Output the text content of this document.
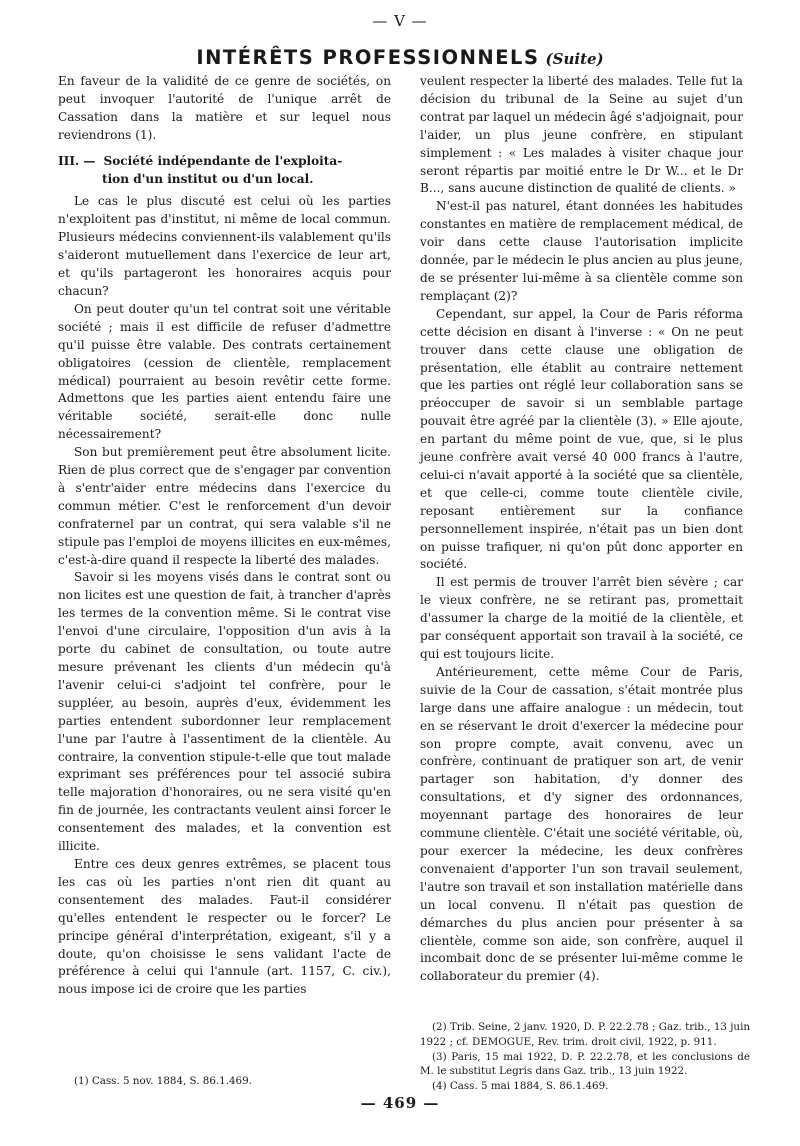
— V —
INTÉRÊTS PROFESSIONNELS (Suite)

En faveur de la validité de ce genre de sociétés, on peut invoquer l'autorité de l'unique arrêt de Cassation dans la matière et sur lequel nous reviendrons (1).

III. — Société indépendante de l'exploita-
tion d'un institut ou d'un local.

Le cas le plus discuté est celui où les parties n'exploitent pas d'institut, ni même de local commun. Plusieurs médecins conviennent-ils valablement qu'ils s'aideront mutuellement dans l'exercice de leur art, et qu'ils partageront les honoraires acquis pour chacun?

On peut douter qu'un tel contrat soit une véritable société ; mais il est difficile de refuser d'admettre qu'il puisse être valable. Des contrats certainement obligatoires (cession de clientèle, remplacement médical) pourraient au besoin revêtir cette forme. Admettons que les parties aient entendu faire une véritable société, serait-elle donc nulle nécessairement?

Son but premièrement peut être absolument licite. Rien de plus correct que de s'engager par convention à s'entr'aider entre médecins dans l'exercice du commun métier. C'est le renforcement d'un devoir confraternel par un contrat, qui sera valable s'il ne stipule pas l'emploi de moyens illicites en eux-mêmes, c'est-à-dire quand il respecte la liberté des malades.

Savoir si les moyens visés dans le contrat sont ou non licites est une question de fait, à trancher d'après les termes de la convention même. Si le contrat vise l'envoi d'une circulaire, l'opposition d'un avis à la porte du cabinet de consultation, ou toute autre mesure prévenant les clients d'un médecin qu'à l'avenir celui-ci s'adjoint tel confrère, pour le suppléer, au besoin, auprès d'eux, évidemment les parties entendent subordonner leur remplacement l'une par l'autre à l'assentiment de la clientèle. Au contraire, la convention stipule-t-elle que tout malade exprimant ses préférences pour tel associé subira telle majoration d'honoraires, ou ne sera visité qu'en fin de journée, les contractants veulent ainsi forcer le consentement des malades, et la convention est illicite.

Entre ces deux genres extrêmes, se placent tous les cas où les parties n'ont rien dit quant au consentement des malades. Faut-il considérer qu'elles entendent le respecter ou le forcer? Le principe général d'interprétation, exigeant, s'il y a doute, qu'on choisisse le sens validant l'acte de préférence à celui qui l'annule (art. 1157, C. civ.), nous impose ici de croire que les parties

veulent respecter la liberté des malades. Telle fut la décision du tribunal de la Seine au sujet d'un contrat par laquel un médecin âgé s'adjoignait, pour l'aider, un plus jeune confrère, en stipulant simplement : « Les malades à visiter chaque jour seront répartis par moitié entre le Dr W... et le Dr B..., sans aucune distinction de qualité de clients. »

N'est-il pas naturel, étant données les habitudes constantes en matière de remplacement médical, de voir dans cette clause l'autorisation implicite donnée, par le médecin le plus ancien au plus jeune, de se présenter lui-même à sa clientèle comme son remplaçant (2)?

Cependant, sur appel, la Cour de Paris réforma cette décision en disant à l'inverse : « On ne peut trouver dans cette clause une obligation de présentation, elle établit au contraire nettement que les parties ont réglé leur collaboration sans se préoccuper de savoir si un semblable partage pouvait être agréé par la clientèle (3). » Elle ajoute, en partant du même point de vue, que, si le plus jeune confrère avait versé 40 000 francs à l'autre, celui-ci n'avait apporté à la société que sa clientèle, et que celle-ci, comme toute clientèle civile, reposant entièrement sur la confiance personnellement inspirée, n'était pas un bien dont on puisse trafiquer, ni qu'on pût donc apporter en société.

Il est permis de trouver l'arrêt bien sévère ; car le vieux confrère, ne se retirant pas, promettait d'assumer la charge de la moitié de la clientèle, et par conséquent apportait son travail à la société, ce qui est toujours licite.

Antérieurement, cette même Cour de Paris, suivie de la Cour de cassation, s'était montrée plus large dans une affaire analogue : un médecin, tout en se réservant le droit d'exercer la médecine pour son propre compte, avait convenu, avec un confrère, continuant de pratiquer son art, de venir partager son habitation, d'y donner des consultations, et d'y signer des ordonnances, moyennant partage des honoraires de leur commune clientèle. C'était une société véritable, où, pour exercer la médecine, les deux confrères convenaient d'apporter l'un son travail seulement, l'autre son travail et son installation matérielle dans un local convenu. Il n'était pas question de démarches du plus ancien pour présenter à sa clientèle, comme son aide, son confrère, auquel il incombait donc de se présenter lui-même comme le collaborateur du premier (4).

(2) Trib. Seine, 2 janv. 1920, D. P. 22.2.78 ; Gaz. trib., 13 juin 1922 ; cf. DEMOGUE, Rev. trim. droit civil, 1922, p. 911.

(3) Paris, 15 mai 1922, D. P. 22.2.78, et les conclusions de M. le substitut Legris dans Gaz. trib., 13 juin 1922.

(4) Cass. 5 mai 1884, S. 86.1.469.

(1) Cass. 5 nov. 1884, S. 86.1.469.
— 469 —
